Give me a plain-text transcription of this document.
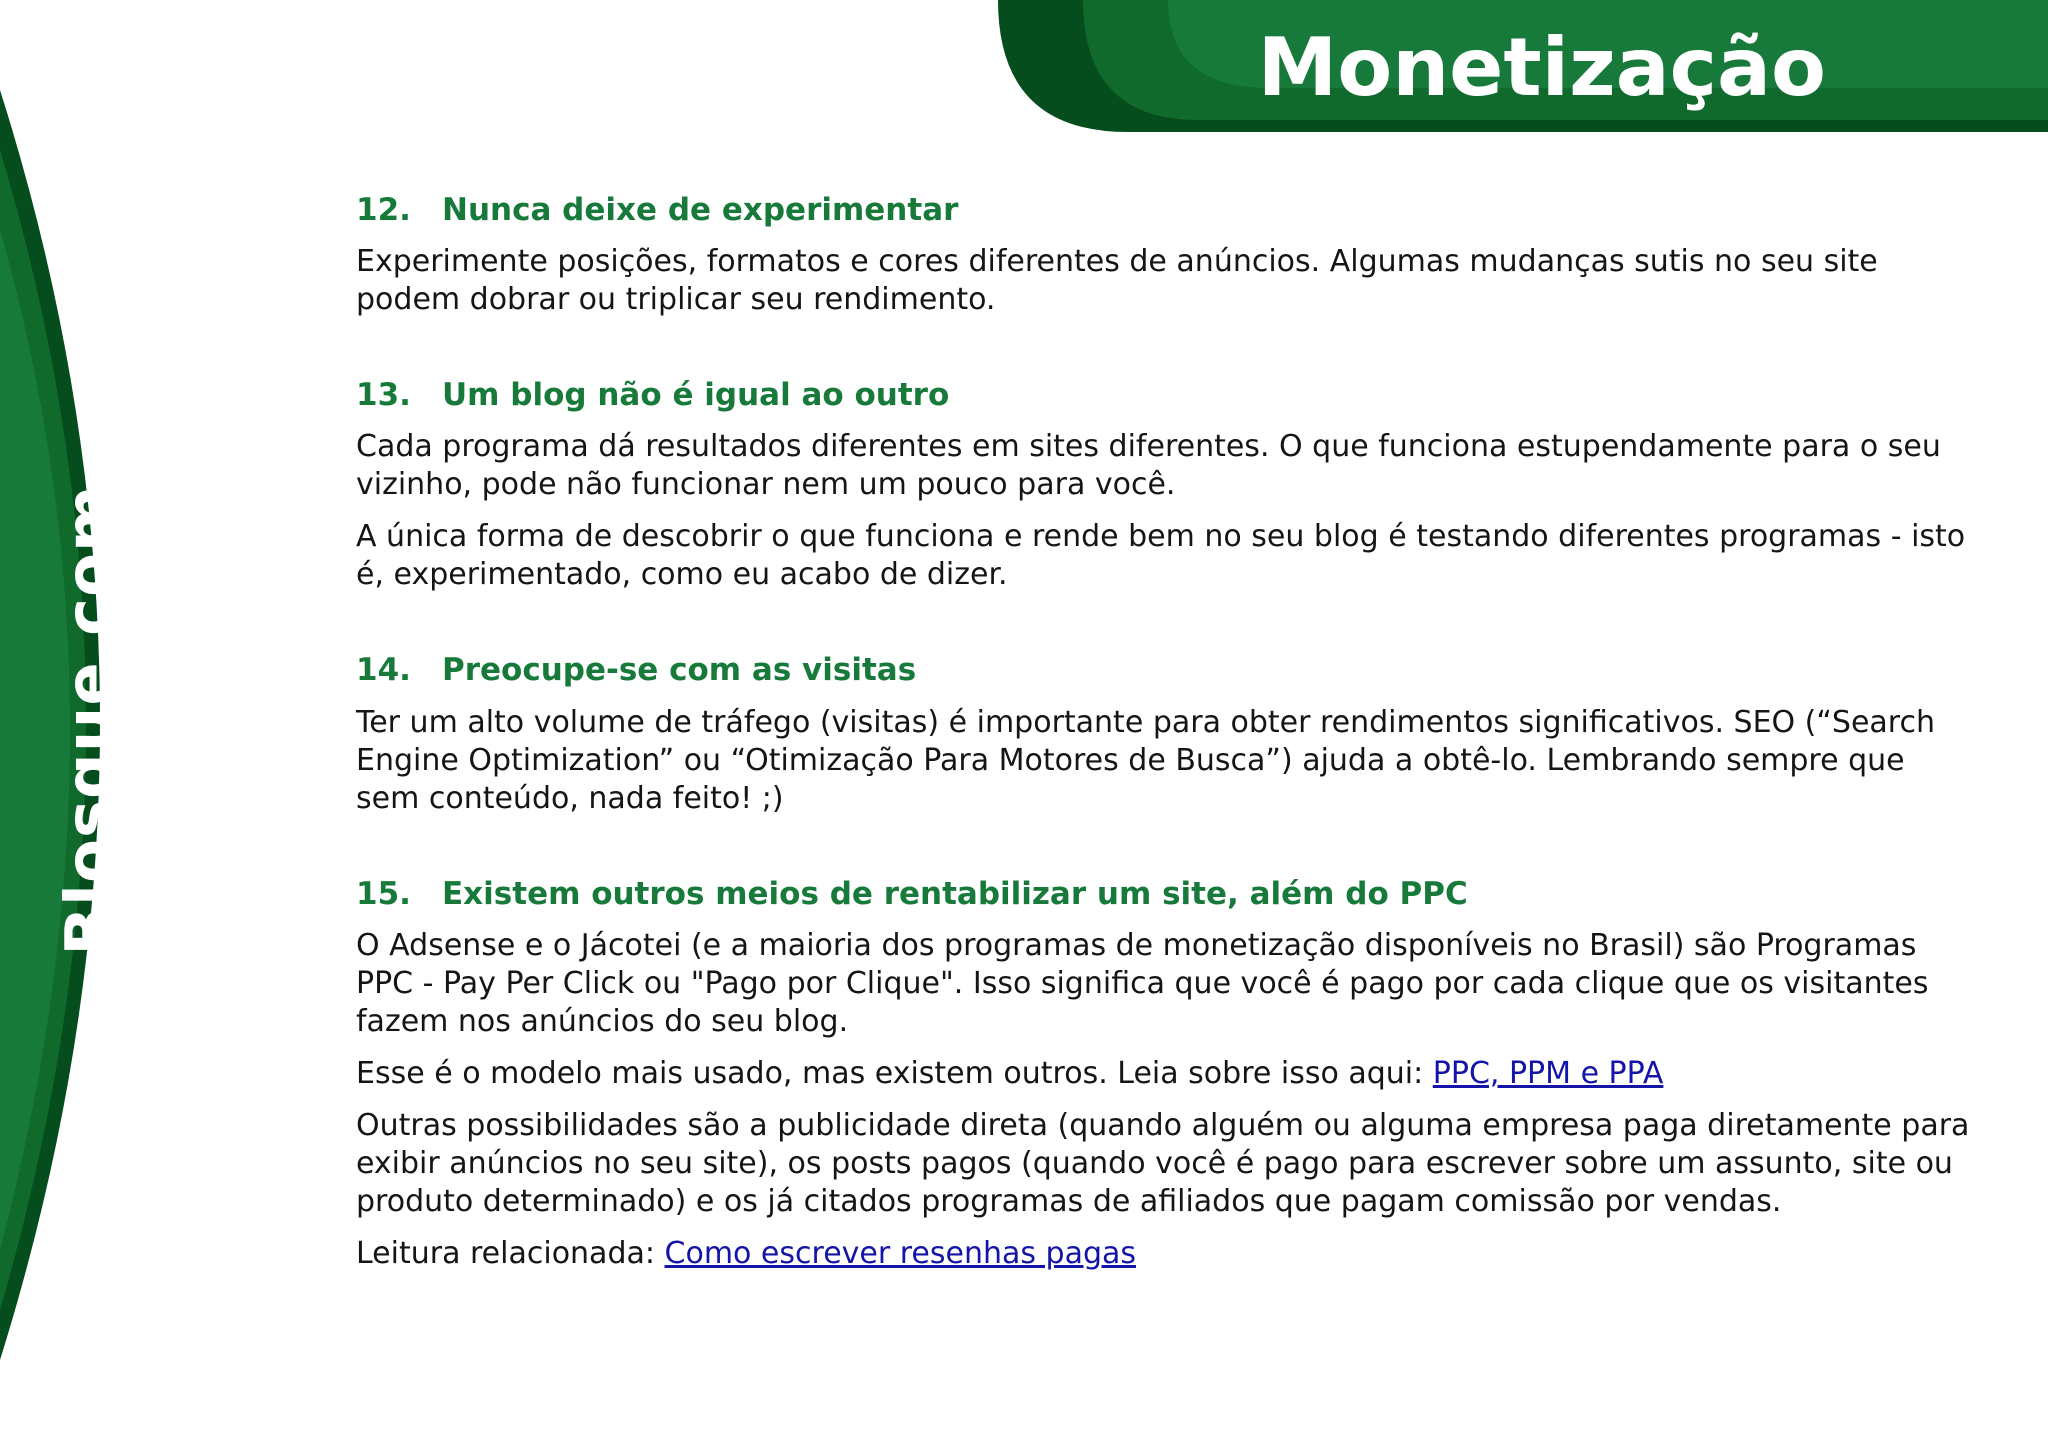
Blosque.com
Monetização
12. Nunca deixe de experimentar

Experimente posições, formatos e cores diferentes de anúncios. Algumas mudanças sutis no seu site podem dobrar ou triplicar seu rendimento.

13. Um blog não é igual ao outro

Cada programa dá resultados diferentes em sites diferentes. O que funciona estupendamente para o seu vizinho, pode não funcionar nem um pouco para você.

A única forma de descobrir o que funciona e rende bem no seu blog é testando diferentes programas - isto é, experimentado, como eu acabo de dizer.

14. Preocupe-se com as visitas

Ter um alto volume de tráfego (visitas) é importante para obter rendimentos significativos. SEO (“Search Engine Optimization” ou “Otimização Para Motores de Busca”) ajuda a obtê-lo. Lembrando sempre que sem conteúdo, nada feito! ;)

15. Existem outros meios de rentabilizar um site, além do PPC

O Adsense e o Jácotei (e a maioria dos programas de monetização disponíveis no Brasil) são Programas PPC - Pay Per Click ou "Pago por Clique". Isso significa que você é pago por cada clique que os visitantes fazem nos anúncios do seu blog.

Esse é o modelo mais usado, mas existem outros. Leia sobre isso aqui: PPC, PPM e PPA

Outras possibilidades são a publicidade direta (quando alguém ou alguma empresa paga diretamente para exibir anúncios no seu site), os posts pagos (quando você é pago para escrever sobre um assunto, site ou produto determinado) e os já citados programas de afiliados que pagam comissão por vendas.

Leitura relacionada: Como escrever resenhas pagas
